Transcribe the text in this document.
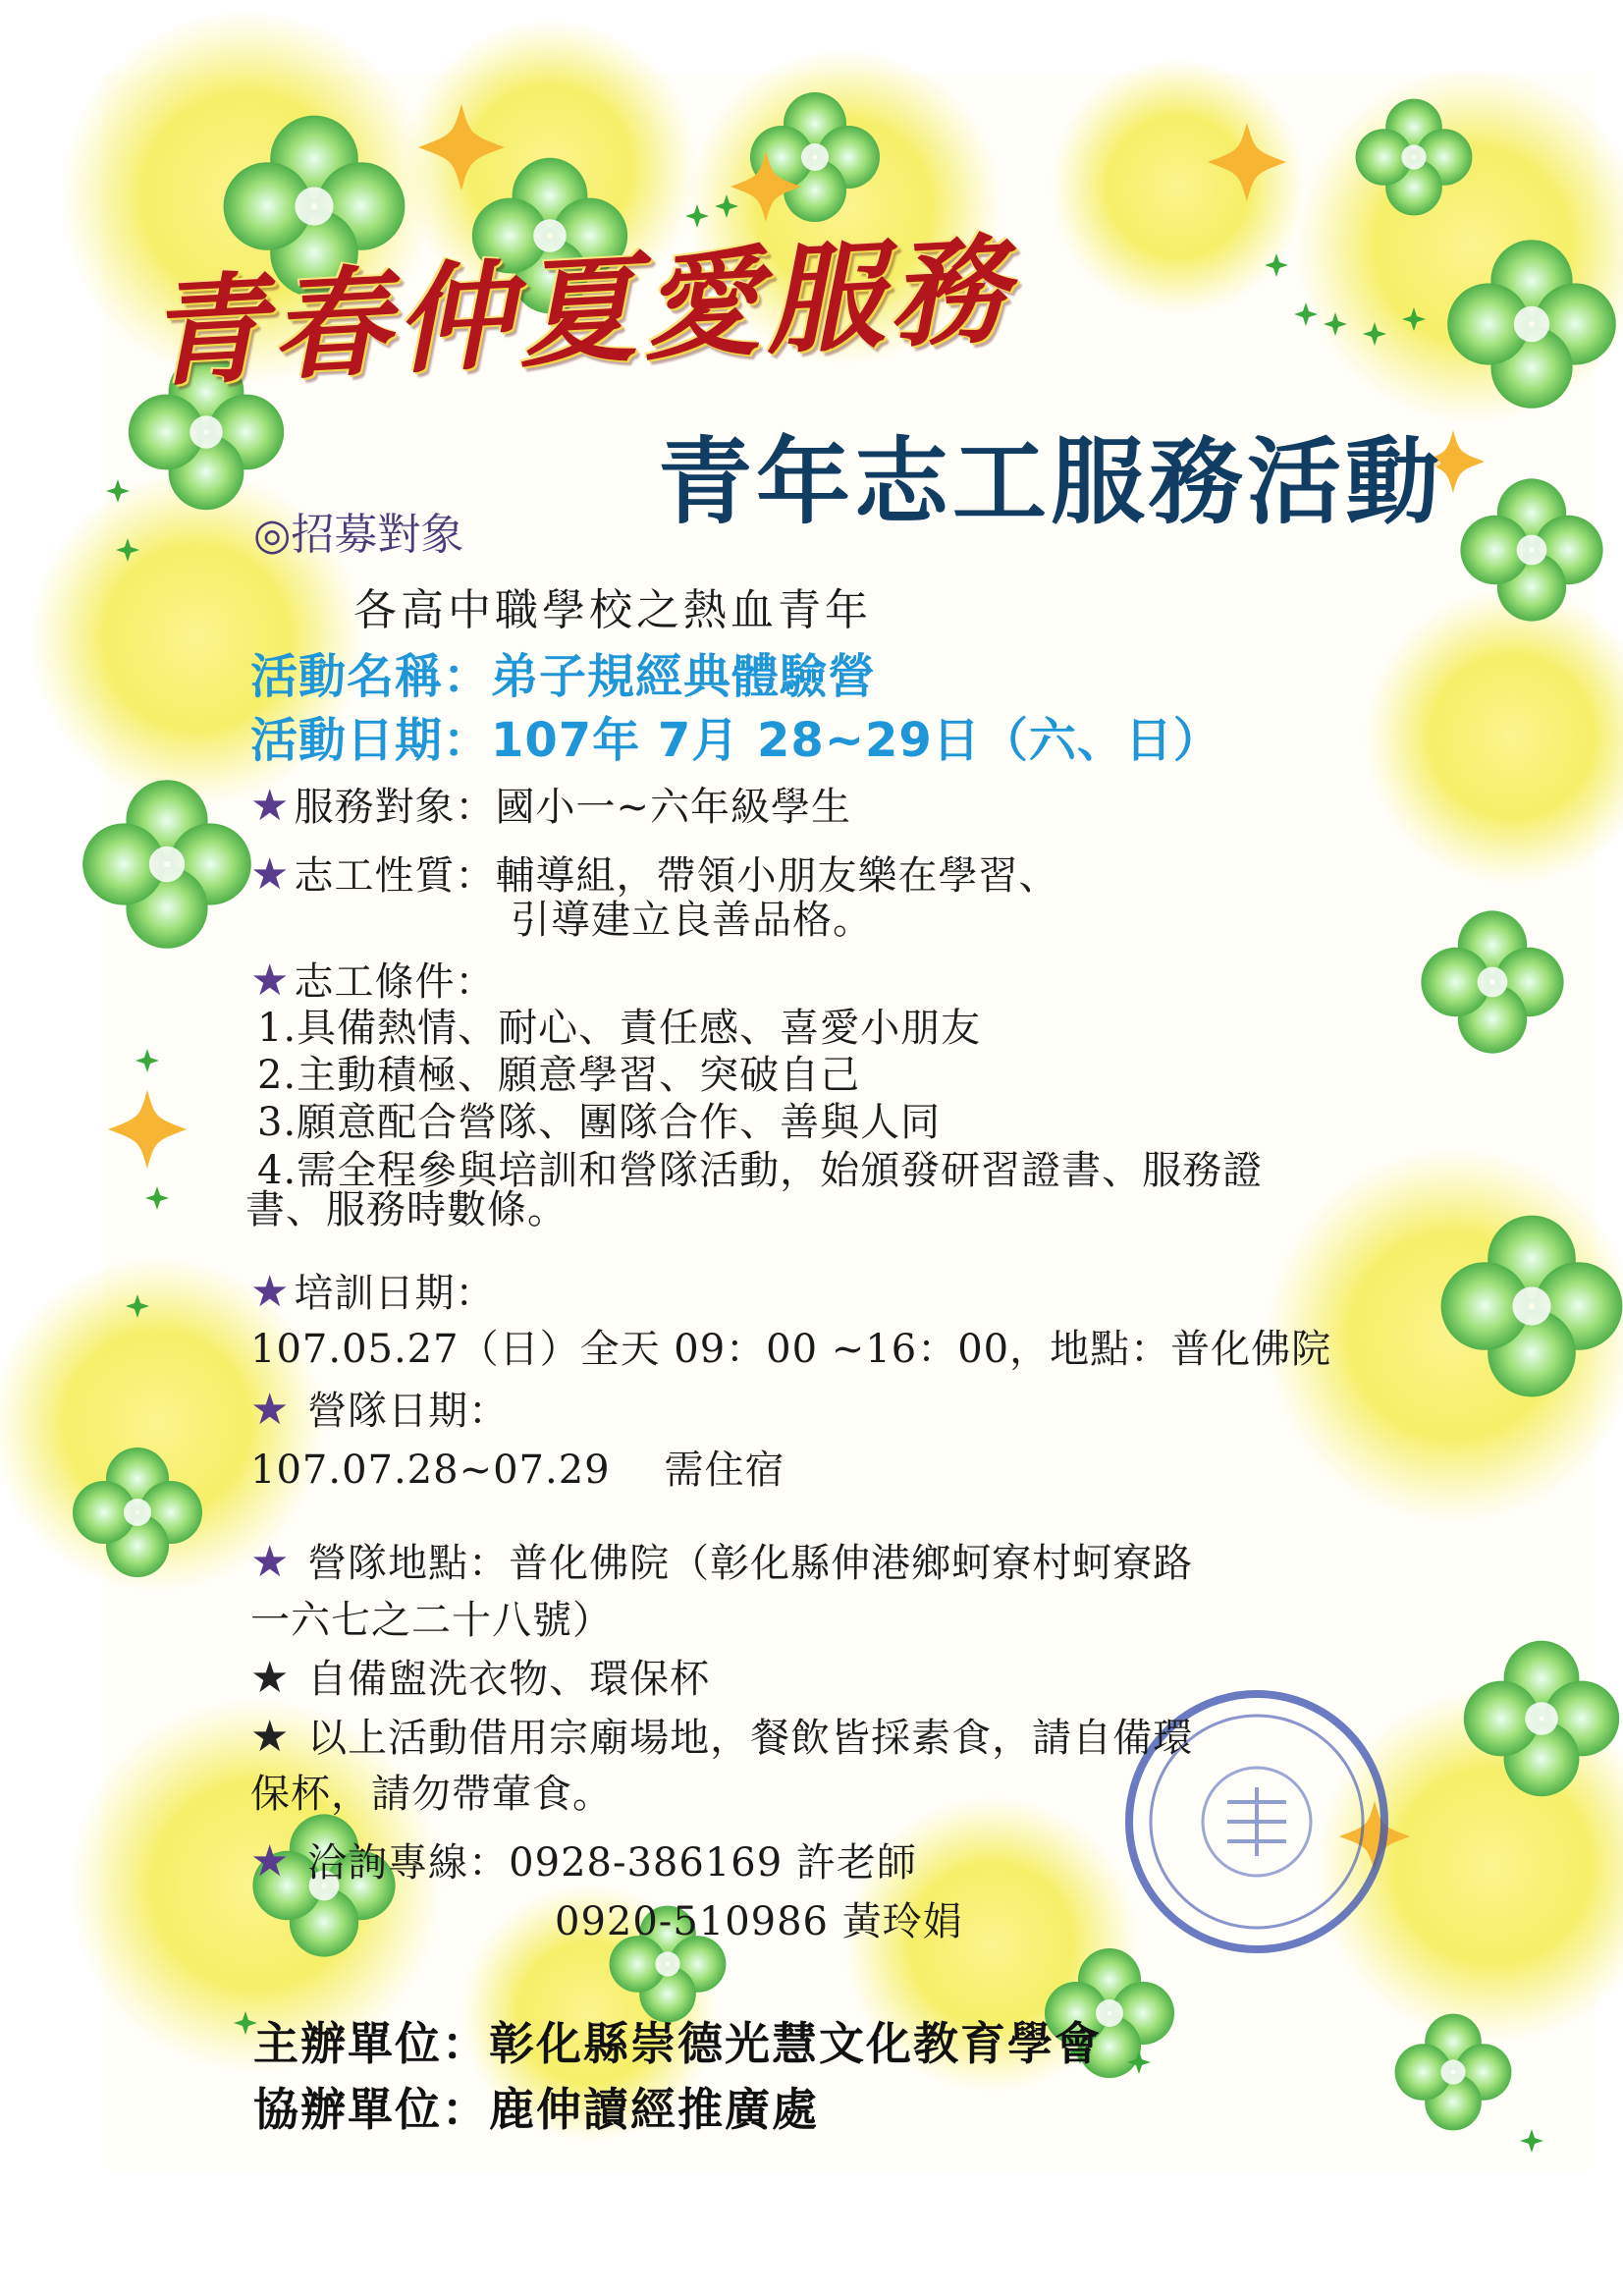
青春仲夏愛服務
青年志工服務活動
◎招募對象
各高中職學校之熱血青年
活動名稱：弟子規經典體驗營
活動日期：107年 7月 28~29日（六、日）
★ 服務對象：國小一~六年級學生
★ 志工性質：輔導組，帶領小朋友樂在學習、
引導建立良善品格。
★ 志工條件：
1.具備熱情、耐心、責任感、喜愛小朋友
2.主動積極、願意學習、突破自己
3.願意配合營隊、團隊合作、善與人同
4.需全程參與培訓和營隊活動，始頒發研習證書、服務證
書、服務時數條。
★ 培訓日期：
107.05.27（日）全天 09：00 ~16：00，地點：普化佛院
★ 營隊日期：
107.07.28~07.29    需住宿
★ 營隊地點：普化佛院（彰化縣伸港鄉蚵寮村蚵寮路
一六七之二十八號）
★ 自備盥洗衣物、環保杯
★ 以上活動借用宗廟場地，餐飲皆採素食，請自備環
保杯，請勿帶葷食。
★ 洽詢專線：0928-386169 許老師
0920-510986 黃玲娟
主辦單位：彰化縣崇德光慧文化教育學會
協辦單位：鹿伸讀經推廣處
